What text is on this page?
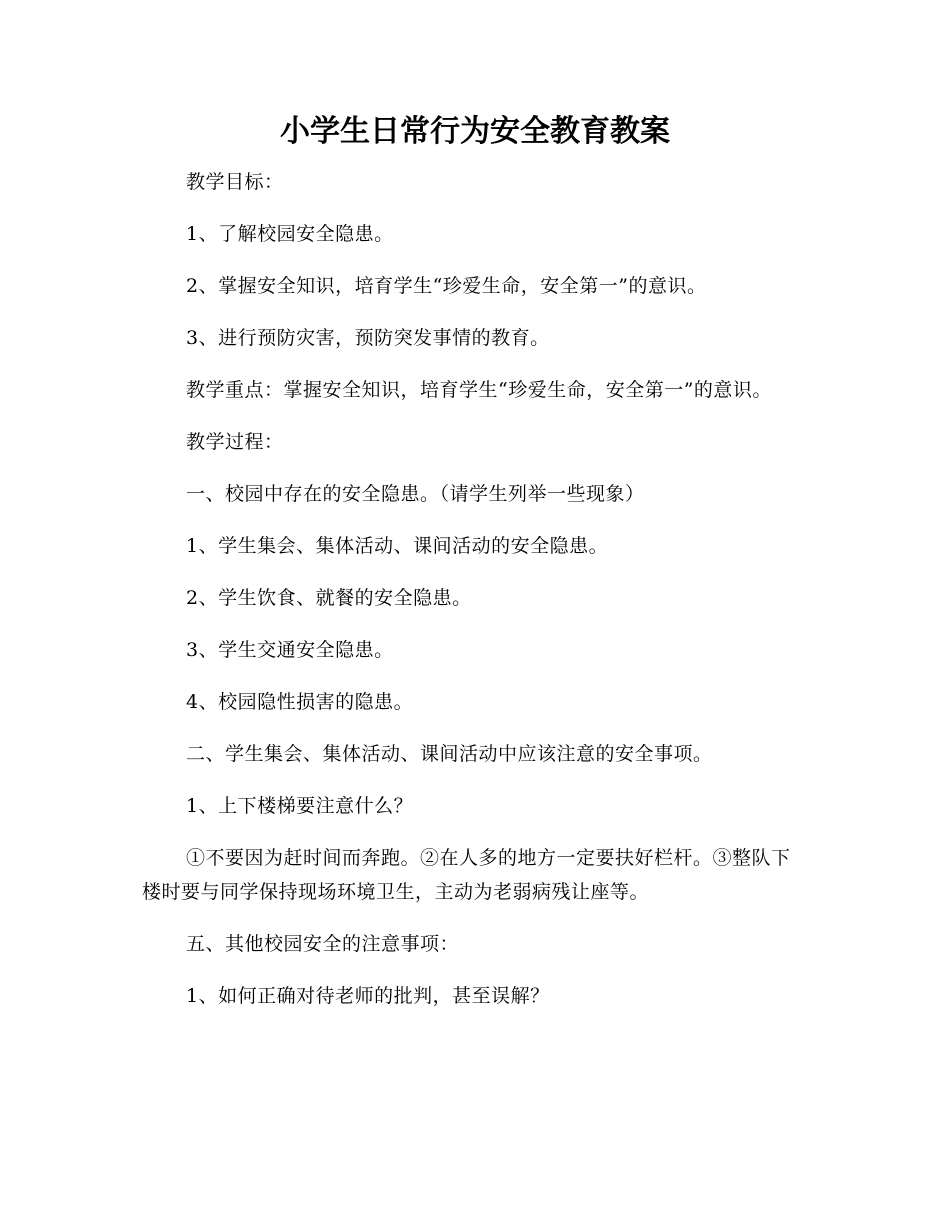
小学生日常行为安全教育教案

教学目标：

1、了解校园安全隐患。

2、掌握安全知识，培育学生“珍爱生命，安全第一”的意识。

3、进行预防灾害，预防突发事情的教育。

教学重点：掌握安全知识，培育学生“珍爱生命，安全第一”的意识。

教学过程：

一、校园中存在的安全隐患。（请学生列举一些现象）

1、学生集会、集体活动、课间活动的安全隐患。

2、学生饮食、就餐的安全隐患。

3、学生交通安全隐患。

4、校园隐性损害的隐患。

二、学生集会、集体活动、课间活动中应该注意的安全事项。

1、上下楼梯要注意什么？

①不要因为赶时间而奔跑。②在人多的地方一定要扶好栏杆。③整队下楼时要与同学保持现场环境卫生，主动为老弱病残让座等。

五、其他校园安全的注意事项：

1、如何正确对待老师的批判，甚至误解？
